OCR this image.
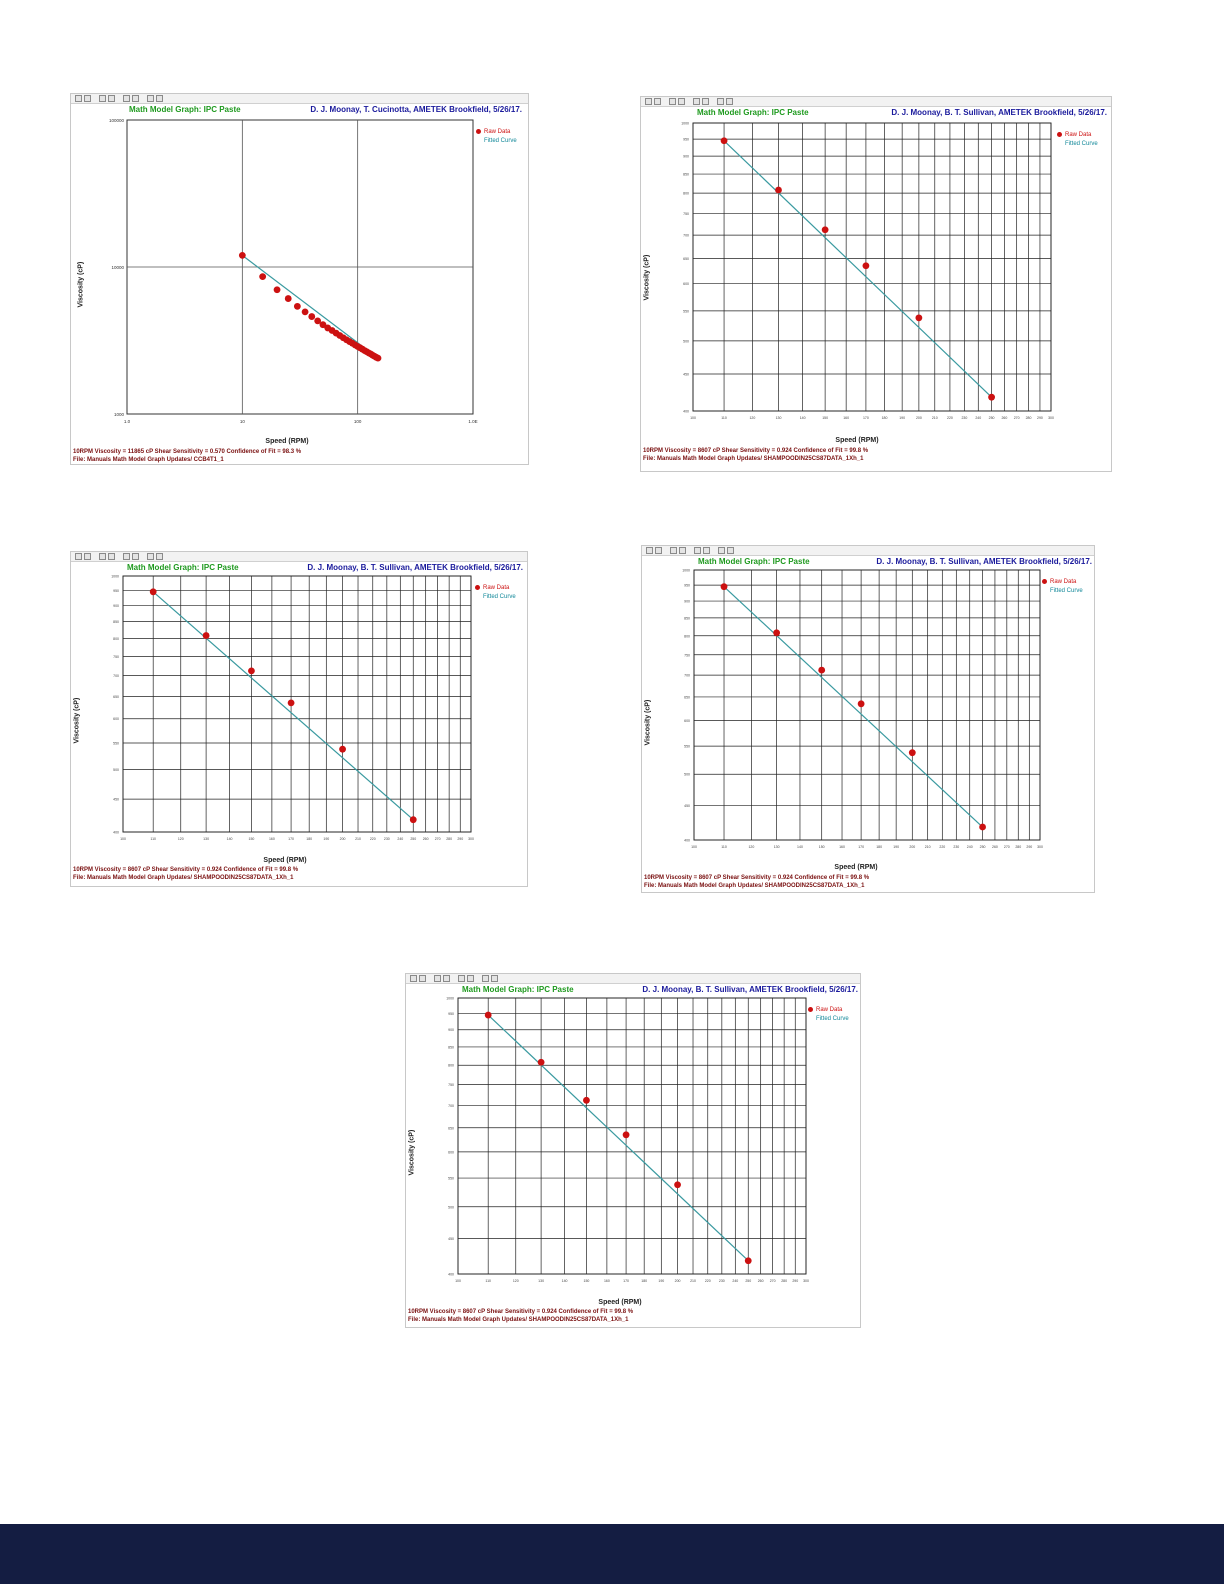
Math Model Graph: IPC Paste	D. J. Moonay, T. Cucinotta, AMETEK Brookfield, 5/26/17.
Raw Data
Fitted Curve
Viscosity (cP)
Speed (RPM)
1.0	10	100	1.0E
100000
10000
1000
10RPM Viscosity = 11865 cP Shear Sensitivity = 0.570 Confidence of Fit = 98.3 %
File: Manuals Math Model Graph Updates/ CCB4T1_1
Math Model Graph: IPC Paste	D. J. Moonay, B. T. Sullivan, AMETEK Brookfield, 5/26/17.
Raw Data
Fitted Curve
Viscosity (cP)
Speed (RPM)
100	110	120	130	140	150	160	170	180	190	200	210	220 230 240 250 260 270 280 290 300
400
450
500
550
600
650
700
750
800
850
900
950
1000
10RPM Viscosity = 8607 cP Shear Sensitivity = 0.924 Confidence of Fit = 99.8 %
File: Manuals Math Model Graph Updates/ SHAMPOODIN25CS87DATA_1Xh_1
Math Model Graph: IPC Paste	D. J. Moonay, B. T. Sullivan, AMETEK Brookfield, 5/26/17.
Raw Data
Fitted Curve
Viscosity (cP)
Speed (RPM)
100	110	120	130	140	150	160	170	180	190	200	210	220 230 240 250 260 270 280 290 300
400
450
500
550
600
650
700
750
800
850
900
950
1000
10RPM Viscosity = 8607 cP Shear Sensitivity = 0.924 Confidence of Fit = 99.8 %
File: Manuals Math Model Graph Updates/ SHAMPOODIN25CS87DATA_1Xh_1
Math Model Graph: IPC Paste	D. J. Moonay, B. T. Sullivan, AMETEK Brookfield, 5/26/17.
Raw Data
Fitted Curve
Viscosity (cP)
Speed (RPM)
100	110	120	130	140	150	160	170	180	190	200	210	220 230 240 250 260 270 280 290 300
400
450
500
550
600
650
700
750
800
850
900
950
1000
10RPM Viscosity = 8607 cP Shear Sensitivity = 0.924 Confidence of Fit = 99.8 %
File: Manuals Math Model Graph Updates/ SHAMPOODIN25CS87DATA_1Xh_1
Math Model Graph: IPC Paste	D. J. Moonay, B. T. Sullivan, AMETEK Brookfield, 5/26/17.
Raw Data
Fitted Curve
Viscosity (cP)
Speed (RPM)
100	110	120	130	140	150	160	170	180	190	200	210	220 230 240 250 260 270 280 290 300
400
450
500
550
600
650
700
750
800
850
900
950
1000
10RPM Viscosity = 8607 cP Shear Sensitivity = 0.924 Confidence of Fit = 99.8 %
File: Manuals Math Model Graph Updates/ SHAMPOODIN25CS87DATA_1Xh_1
